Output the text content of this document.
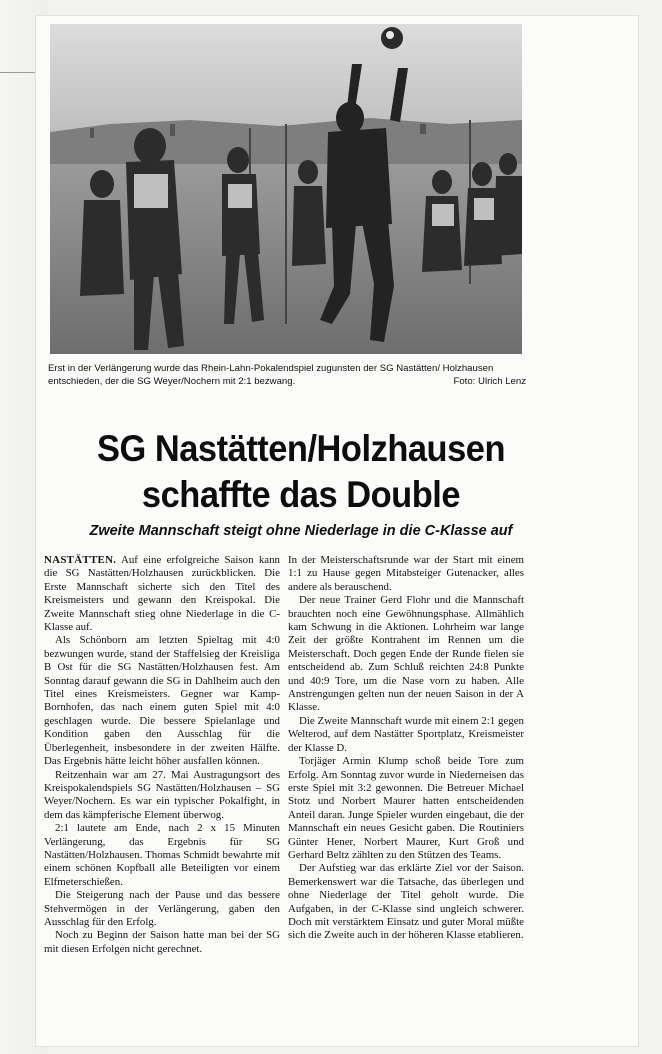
Erst in der Verlängerung wurde das Rhein-Lahn-Pokalendspiel zugunsten der SG Nastätten/ Holzhausen entschieden, der die SG Weyer/Nochern mit 2:1 bezwang.	Foto: Ulrich Lenz
SG Nastätten/Holzhausen
schaffte das Double
Zweite Mannschaft steigt ohne Niederlage in die C-Klasse auf

NASTÄTTEN. Auf eine erfolgreiche Saison kann die SG Nastätten/Holzhausen zurückblicken. Die Erste Mannschaft sicherte sich den Titel des Kreismeisters und gewann den Kreispokal. Die Zweite Mannschaft stieg ohne Niederlage in die C-Klasse auf.

Als Schönborn am letzten Spieltag mit 4:0 bezwungen wurde, stand der Staffelsieg der Kreisliga B Ost für die SG Nastätten/Holzhausen fest. Am Sonntag darauf gewann die SG in Dahlheim auch den Titel eines Kreismeisters. Gegner war Kamp-Bornhofen, das nach einem guten Spiel mit 4:0 geschlagen wurde. Die bessere Spielanlage und Kondition gaben den Ausschlag für die Überlegenheit, insbesondere in der zweiten Hälfte. Das Ergebnis hätte leicht höher ausfallen können.

Reitzenhain war am 27. Mai Austragungsort des Kreispokalendspiels SG Nastätten/Holzhausen – SG Weyer/Nochern. Es war ein typischer Pokalfight, in dem das kämpferische Element überwog.

2:1 lautete am Ende, nach 2 x 15 Minuten Verlängerung, das Ergebnis für SG Nastätten/Holzhausen. Thomas Schmidt bewahrte mit einem schönen Kopfball alle Beteiligten vor einem Elfmeterschießen.

Die Steigerung nach der Pause und das bessere Stehvermögen in der Verlängerung, gaben den Ausschlag für den Erfolg.

Noch zu Beginn der Saison hatte man bei der SG mit diesen Erfolgen nicht gerechnet.

In der Meisterschaftsrunde war der Start mit einem 1:1 zu Hause gegen Mitabsteiger Gutenacker, alles andere als berauschend.

Der neue Trainer Gerd Flohr und die Mannschaft brauchten noch eine Gewöhnungsphase. Allmählich kam Schwung in die Aktionen. Lohrheim war lange Zeit der größte Kontrahent im Rennen um die Meisterschaft. Doch gegen Ende der Runde fielen sie entscheidend ab. Zum Schluß reichten 24:8 Punkte und 40:9 Tore, um die Nase vorn zu haben. Alle Anstrengungen gelten nun der neuen Saison in der A Klasse.

Die Zweite Mannschaft wurde mit einem 2:1 gegen Welterod, auf dem Nastätter Sportplatz, Kreismeister der Klasse D.

Torjäger Armin Klump schoß beide Tore zum Erfolg. Am Sonntag zuvor wurde in Niederneisen das erste Spiel mit 3:2 gewonnen. Die Betreuer Michael Stotz und Norbert Maurer hatten entscheidenden Anteil daran. Junge Spieler wurden eingebaut, die der Mannschaft ein neues Gesicht gaben. Die Routiniers Günter Hener, Norbert Maurer, Kurt Groß und Gerhard Beltz zählten zu den Stützen des Teams.

Der Aufstieg war das erklärte Ziel vor der Saison. Bemerkenswert war die Tatsache, das überlegen und ohne Niederlage der Titel geholt wurde. Die Aufgaben, in der C-Klasse sind ungleich schwerer. Doch mit verstärktem Einsatz und guter Moral müßte sich die Zweite auch in der höheren Klasse etablieren.
